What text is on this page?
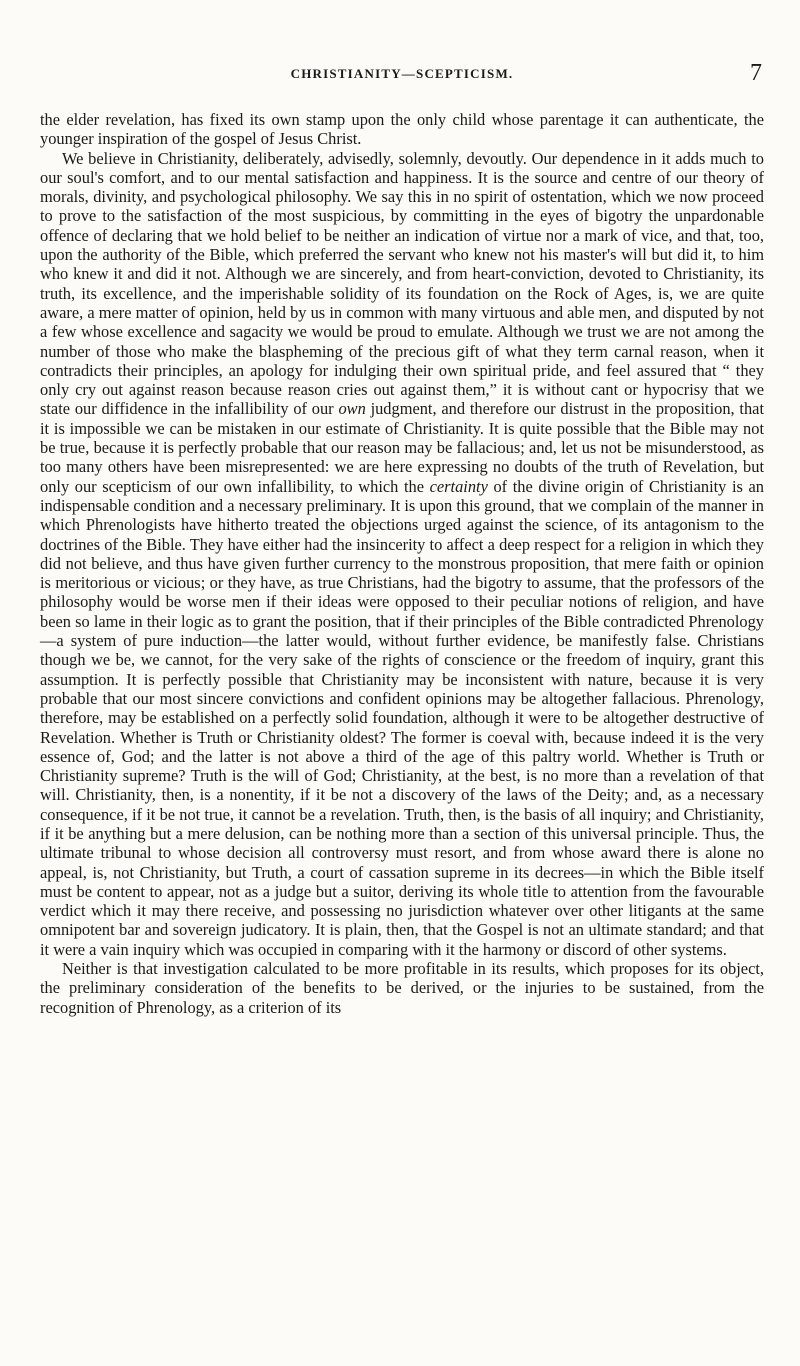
CHRISTIANITY—SCEPTICISM.	7

the elder revelation, has fixed its own stamp upon the only child whose parentage it can authenticate, the younger inspiration of the gospel of Jesus Christ.

We believe in Christianity, deliberately, advisedly, solemnly, devoutly. Our dependence in it adds much to our soul's comfort, and to our mental satisfaction and happiness. It is the source and centre of our theory of morals, divinity, and psychological philosophy. We say this in no spirit of ostentation, which we now proceed to prove to the satisfaction of the most suspicious, by committing in the eyes of bigotry the unpardonable offence of declaring that we hold belief to be neither an indication of virtue nor a mark of vice, and that, too, upon the authority of the Bible, which preferred the servant who knew not his master's will but did it, to him who knew it and did it not. Although we are sincerely, and from heart-conviction, devoted to Christianity, its truth, its excellence, and the imperishable solidity of its foundation on the Rock of Ages, is, we are quite aware, a mere matter of opinion, held by us in common with many virtuous and able men, and disputed by not a few whose excellence and sagacity we would be proud to emulate. Although we trust we are not among the number of those who make the blaspheming of the precious gift of what they term carnal reason, when it contradicts their principles, an apology for indulging their own spiritual pride, and feel assured that “ they only cry out against reason because reason cries out against them,” it is without cant or hypocrisy that we state our diffidence in the infallibility of our own judgment, and therefore our distrust in the proposition, that it is impossible we can be mistaken in our estimate of Christianity. It is quite possible that the Bible may not be true, because it is perfectly probable that our reason may be fallacious; and, let us not be misunderstood, as too many others have been misrepresented: we are here expressing no doubts of the truth of Revelation, but only our scepticism of our own infallibility, to which the certainty of the divine origin of Christianity is an indispensable condition and a necessary preliminary. It is upon this ground, that we complain of the manner in which Phrenologists have hitherto treated the objections urged against the science, of its antagonism to the doctrines of the Bible. They have either had the insincerity to affect a deep respect for a religion in which they did not believe, and thus have given further currency to the monstrous proposition, that mere faith or opinion is meritorious or vicious; or they have, as true Christians, had the bigotry to assume, that the professors of the philosophy would be worse men if their ideas were opposed to their peculiar notions of religion, and have been so lame in their logic as to grant the position, that if their principles of the Bible contradicted Phrenology—a system of pure induction—the latter would, without further evidence, be manifestly false. Christians though we be, we cannot, for the very sake of the rights of conscience or the freedom of inquiry, grant this assumption. It is perfectly possible that Christianity may be inconsistent with nature, because it is very probable that our most sincere convictions and confident opinions may be altogether fallacious. Phrenology, therefore, may be established on a perfectly solid foundation, although it were to be altogether destructive of Revelation. Whether is Truth or Christianity oldest? The former is coeval with, because indeed it is the very essence of, God; and the latter is not above a third of the age of this paltry world. Whether is Truth or Christianity supreme? Truth is the will of God; Christianity, at the best, is no more than a revelation of that will. Christianity, then, is a nonentity, if it be not a discovery of the laws of the Deity; and, as a necessary consequence, if it be not true, it cannot be a revelation. Truth, then, is the basis of all inquiry; and Christianity, if it be anything but a mere delusion, can be nothing more than a section of this universal principle. Thus, the ultimate tribunal to whose decision all controversy must resort, and from whose award there is alone no appeal, is, not Christianity, but Truth, a court of cassation supreme in its decrees—in which the Bible itself must be content to appear, not as a judge but a suitor, deriving its whole title to attention from the favourable verdict which it may there receive, and possessing no jurisdiction whatever over other litigants at the same omnipotent bar and sovereign judicatory. It is plain, then, that the Gospel is not an ultimate standard; and that it were a vain inquiry which was occupied in comparing with it the harmony or discord of other systems.

Neither is that investigation calculated to be more profitable in its results, which proposes for its object, the preliminary consideration of the benefits to be derived, or the injuries to be sustained, from the recognition of Phrenology, as a criterion of its
